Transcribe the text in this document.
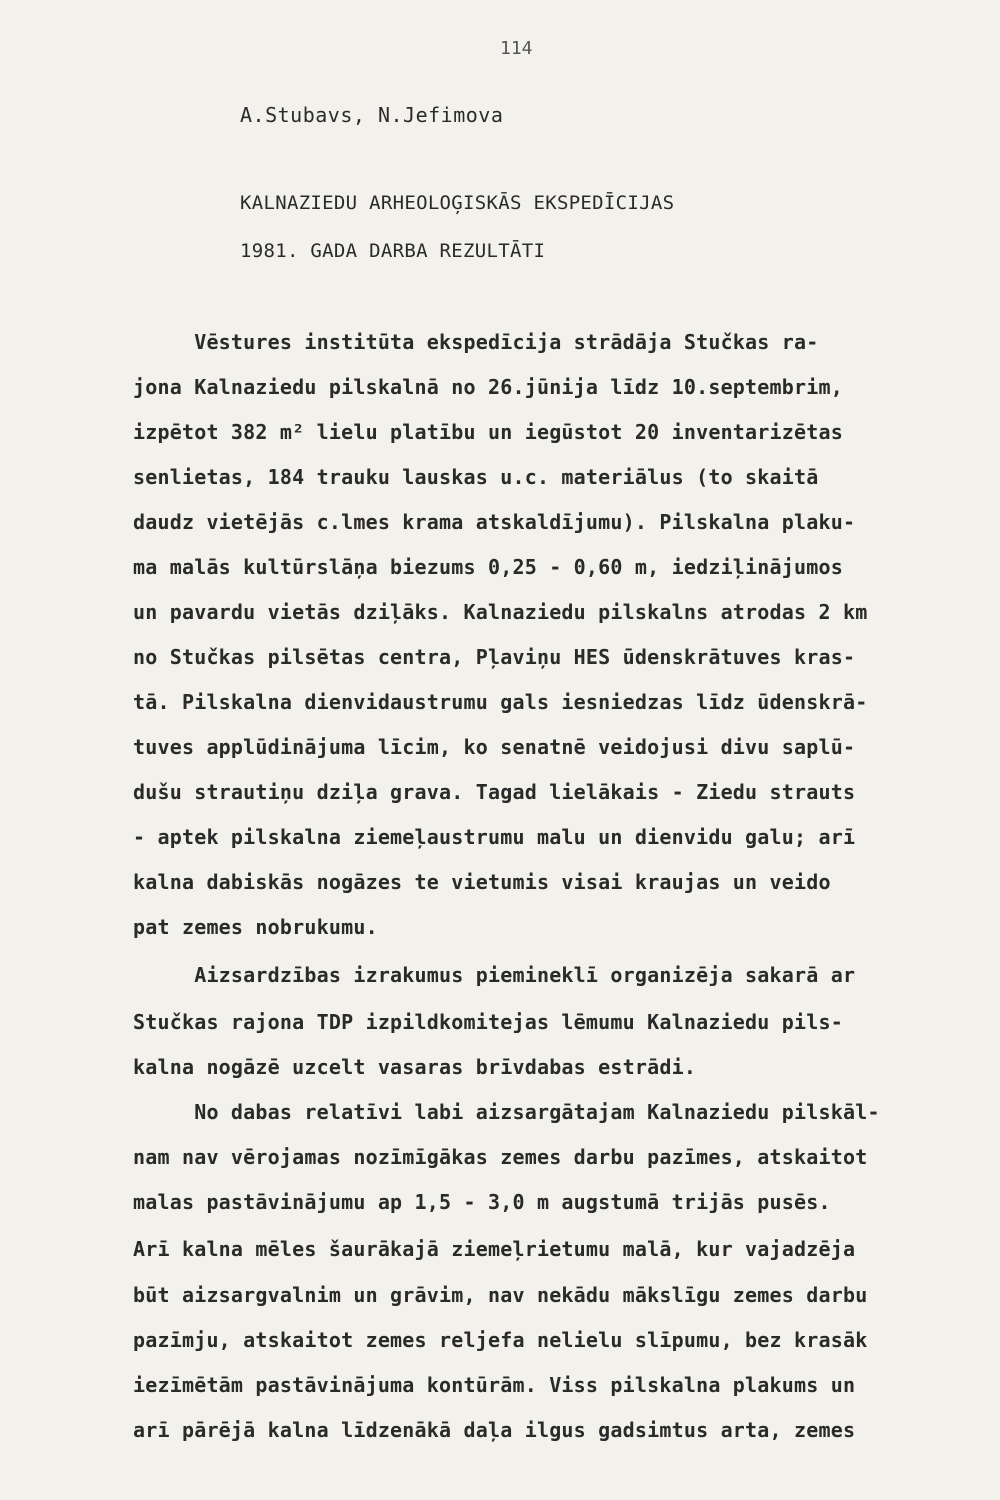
114
A.Stubavs, N.Jefimova
KALNAZIEDU ARHEOLOĢISKĀS EKSPEDĪCIJAS
1981. GADA DARBA REZULTĀTI
Vēstures institūta ekspedīcija strādāja Stučkas ra-
jona Kalnaziedu pilskalnā no 26.jūnija līdz 10.septembrim,
izpētot 382 m² lielu platību un iegūstot 20 inventarizētas
senlietas, 184 trauku lauskas u.c. materiālus (to skaitā
daudz vietējās c.lmes krama atskaldījumu). Pilskalna plaku-
ma malās kultūrslāņa biezums 0,25 - 0,60 m, iedziļinājumos
un pavardu vietās dziļāks. Kalnaziedu pilskalns atrodas 2 km
no Stučkas pilsētas centra, Pļaviņu HES ūdenskrātuves kras-
tā. Pilskalna dienvidaustrumu gals iesniedzas līdz ūdenskrā-
tuves applūdinājuma līcim, ko senatnē veidojusi divu saplū-
dušu strautiņu dziļa grava. Tagad lielākais - Ziedu strauts
- aptek pilskalna ziemeļaustrumu malu un dienvidu galu; arī
kalna dabiskās nogāzes te vietumis visai kraujas un veido
pat zemes nobrukumu.
Aizsardzības izrakumus piemineklī organizēja sakarā ar
Stučkas rajona TDP izpildkomitejas lēmumu Kalnaziedu pils-
kalna nogāzē uzcelt vasaras brīvdabas estrādi.
No dabas relatīvi labi aizsargātajam Kalnaziedu pilskāl-
nam nav vērojamas nozīmīgākas zemes darbu pazīmes, atskaitot
malas pastāvinājumu ap 1,5 - 3,0 m augstumā trijās pusēs.
Arī kalna mēles šaurākajā ziemeļrietumu malā, kur vajadzēja
būt aizsargvalnim un grāvim, nav nekādu mākslīgu zemes darbu
pazīmju, atskaitot zemes reljefa nelielu slīpumu, bez krasāk
iezīmētām pastāvinājuma kontūrām. Viss pilskalna plakums un
arī pārējā kalna līdzenākā daļa ilgus gadsimtus arta, zemes
